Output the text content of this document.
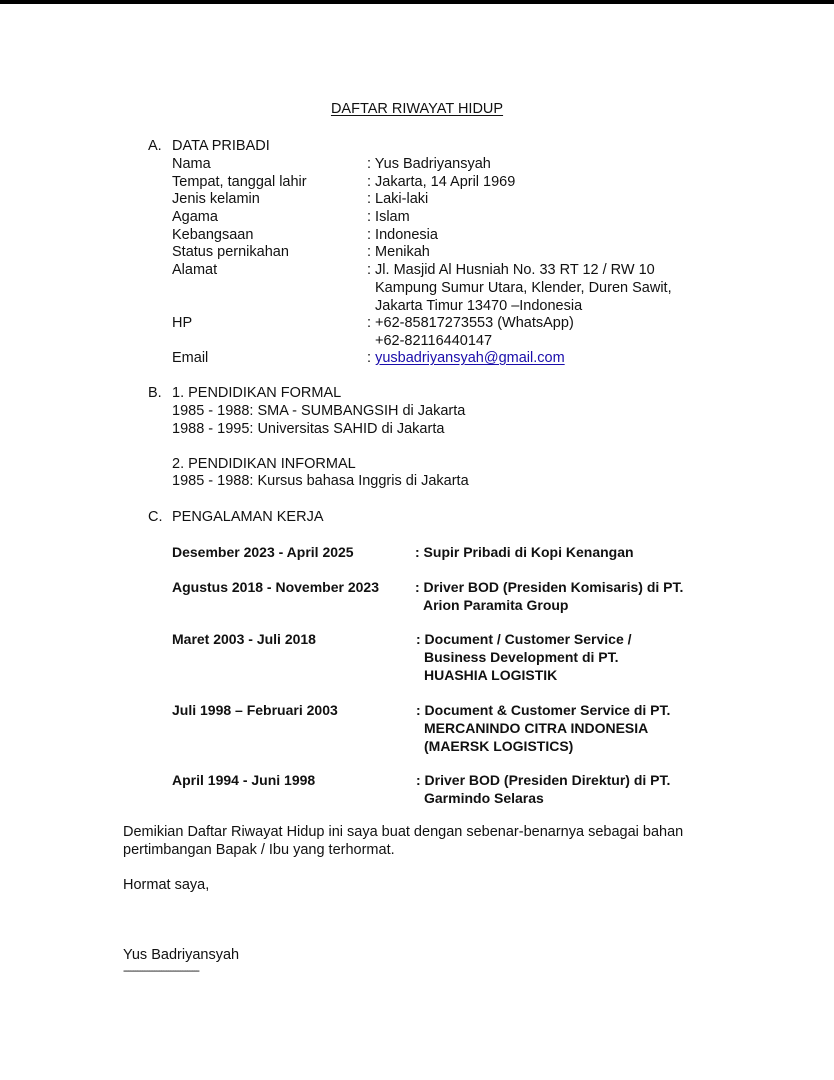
DAFTAR RIWAYAT HIDUP
A. DATA PRIBADI
Nama	: Yus Badriyansyah
Tempat, tanggal lahir	: Jakarta, 14 April 1969
Jenis kelamin	: Laki-laki
Agama	: Islam
Kebangsaan	: Indonesia
Status pernikahan	: Menikah
Alamat	: Jl. Masjid Al Husniah No. 33 RT 12 / RW 10
Kampung Sumur Utara, Klender, Duren Sawit,
Jakarta Timur 13470 –Indonesia
HP	: +62-85817273553 (WhatsApp)
+62-82116440147
Email	: yusbadriyansyah@gmail.com
B. 1. PENDIDIKAN FORMAL
1985 - 1988: SMA - SUMBANGSIH di Jakarta
1988 - 1995: Universitas SAHID di Jakarta
2. PENDIDIKAN INFORMAL
1985 - 1988: Kursus bahasa Inggris di Jakarta
C. PENGALAMAN KERJA
Desember 2023 - April 2025	: Supir Pribadi di Kopi Kenangan
Agustus 2018 - November 2023	: Driver BOD (Presiden Komisaris) di PT.
Arion Paramita Group
Maret 2003 - Juli 2018	: Document / Customer Service /
Business Development di PT.
HUASHIA LOGISTIK
Juli 1998 – Februari 2003	: Document & Customer Service di PT.
MERCANINDO CITRA INDONESIA
(MAERSK LOGISTICS)
April 1994 - Juni 1998	: Driver BOD (Presiden Direktur) di PT.
Garmindo Selaras
Demikian Daftar Riwayat Hidup ini saya buat dengan sebenar-benarnya sebagai bahan
pertimbangan Bapak / Ibu yang terhormat.
Hormat saya,
Yus Badriyansyah
--------------------------------
